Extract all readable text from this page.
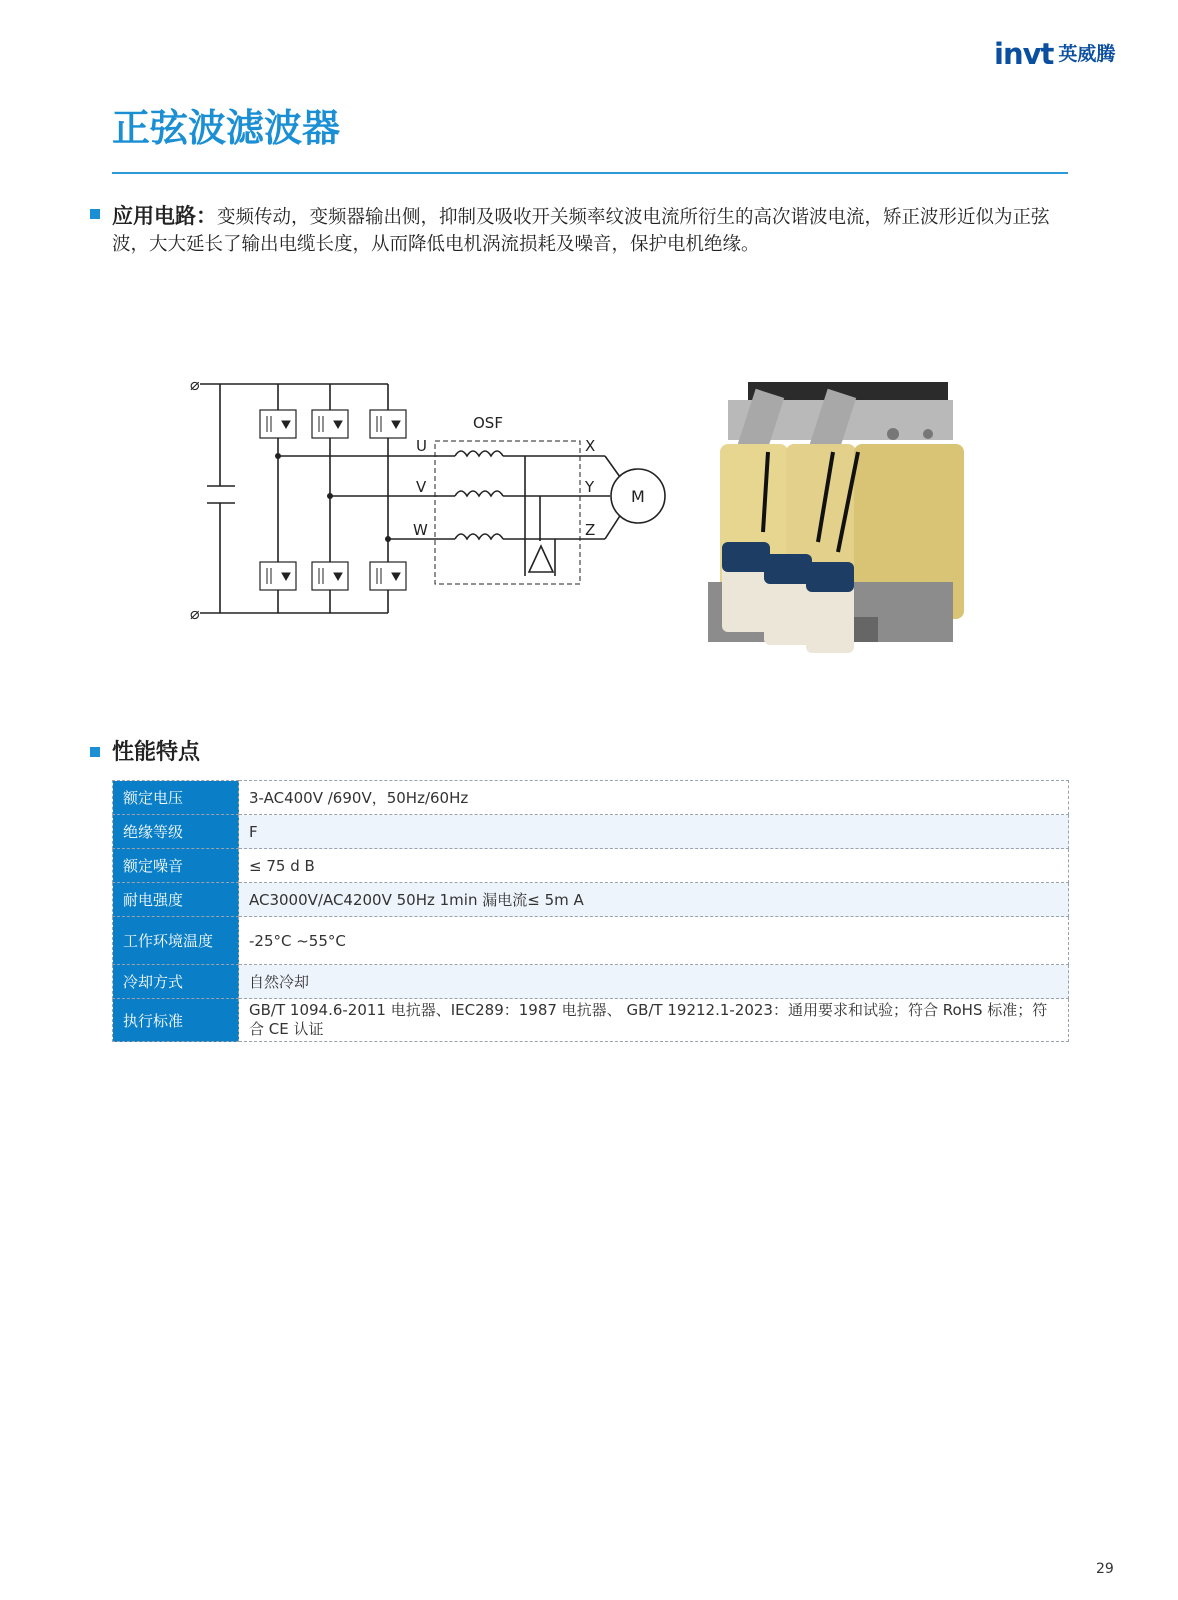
invt 英威腾
正弦波滤波器

应用电路：变频传动，变频器输出侧，抑制及吸收开关频率纹波电流所衍生的高次谐波电流，矫正波形近似为正弦波，大大延长了输出电缆长度，从而降低电机涡流损耗及噪音，保护电机绝缘。

⌀
⌀
OSF
U
V
W
X
Y
Z
M
性能特点
额定电压	3-AC400V /690V，50Hz/60Hz
绝缘等级	F
额定噪音	≤ 75 d B
耐电强度	AC3000V/AC4200V 50Hz 1min 漏电流≤ 5m A
工作环境温度	-25°C ~55°C
冷却方式	自然冷却
执行标准	GB/T 1094.6-2011 电抗器、IEC289：1987 电抗器、 GB/T 19212.1-2023：通用要求和试验；符合 RoHS 标准；符合 CE 认证
29
